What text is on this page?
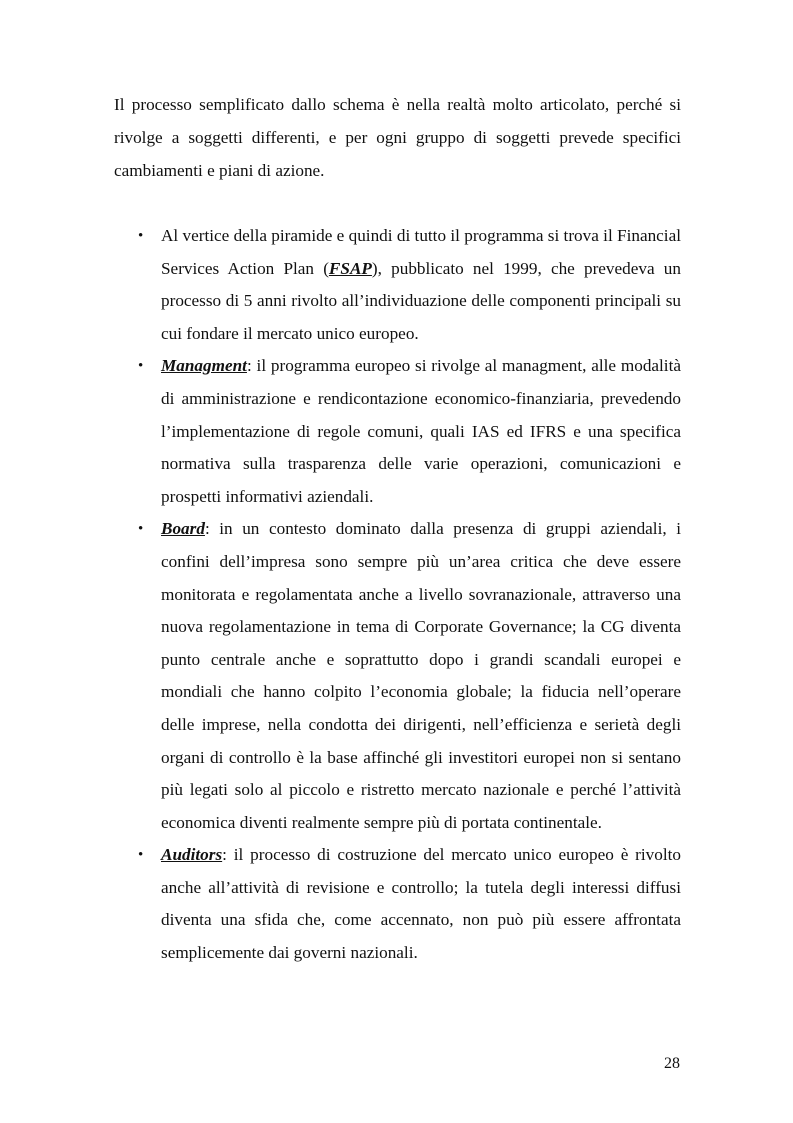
Il processo semplificato dallo schema è nella realtà molto articolato, perché si rivolge a soggetti differenti, e per ogni gruppo di soggetti prevede specifici cambiamenti e piani di azione.

• Al vertice della piramide e quindi di tutto il programma si trova il Financial Services Action Plan (FSAP), pubblicato nel 1999, che prevedeva un processo di 5 anni rivolto all’individuazione delle componenti principali su cui fondare il mercato unico europeo.
• Managment: il programma europeo si rivolge al managment, alle modalità di amministrazione e rendicontazione economico-finanziaria, prevedendo l’implementazione di regole comuni, quali IAS ed IFRS e una specifica normativa sulla trasparenza delle varie operazioni, comunicazioni e prospetti informativi aziendali.
• Board: in un contesto dominato dalla presenza di gruppi aziendali, i confini dell’impresa sono sempre più un’area critica che deve essere monitorata e regolamentata anche a livello sovranazionale, attraverso una nuova regolamentazione in tema di Corporate Governance; la CG diventa punto centrale anche e soprattutto dopo i grandi scandali europei e mondiali che hanno colpito l’economia globale; la fiducia nell’operare delle imprese, nella condotta dei dirigenti, nell’efficienza e serietà degli organi di controllo è la base affinché gli investitori europei non si sentano più legati solo al piccolo e ristretto mercato nazionale e perché l’attività economica diventi realmente sempre più di portata continentale.
• Auditors: il processo di costruzione del mercato unico europeo è rivolto anche all’attività di revisione e controllo; la tutela degli interessi diffusi diventa una sfida che, come accennato, non può più essere affrontata semplicemente dai governi nazionali.

28
